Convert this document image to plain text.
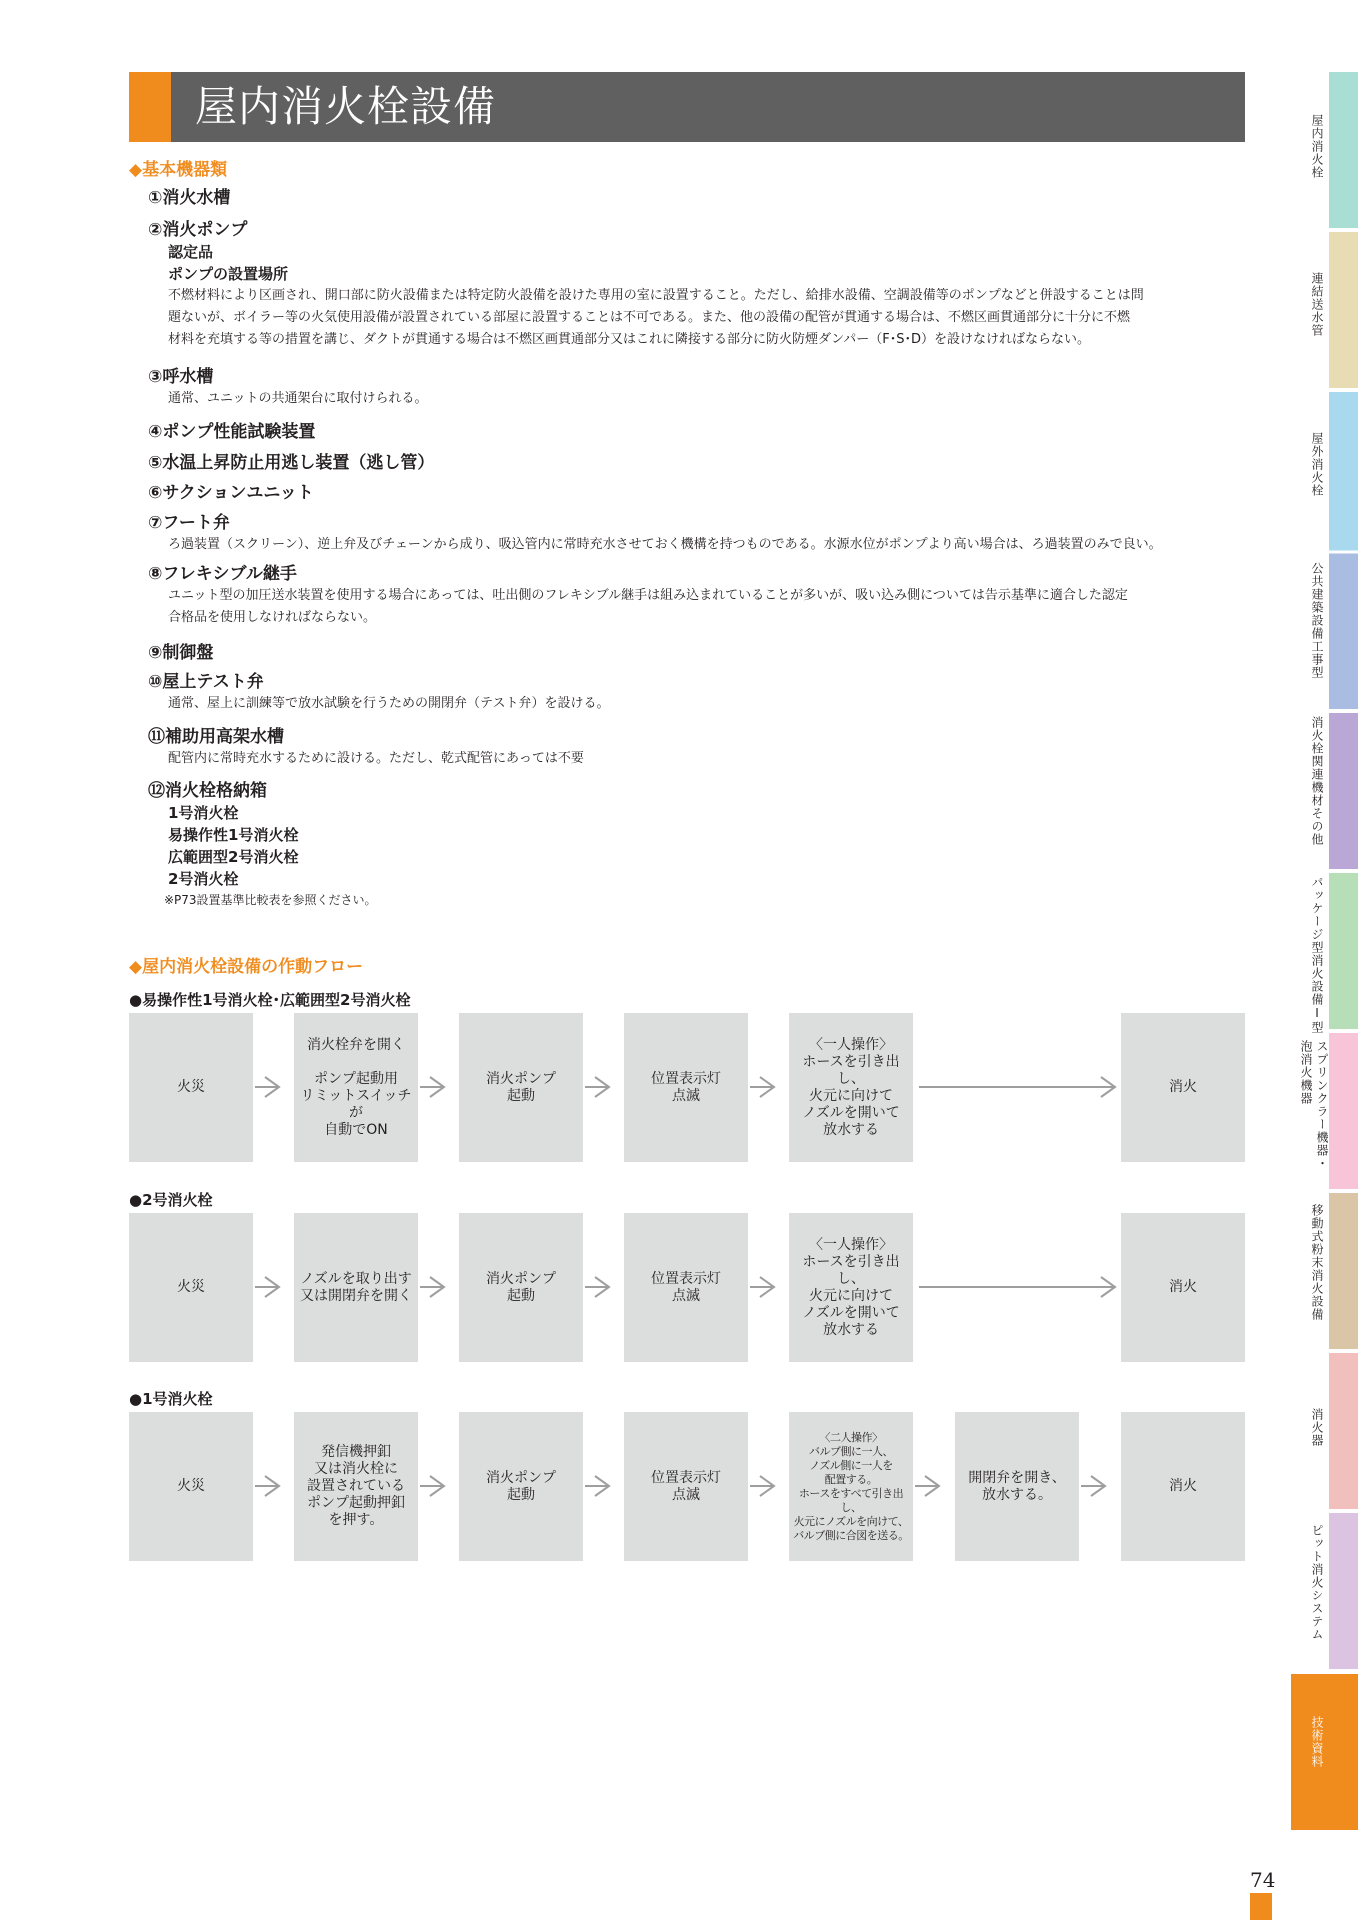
屋内消火栓設備
◆基本機器類
①消火水槽
②消火ポンプ
認定品
ポンプの設置場所
不燃材料により区画され、開口部に防火設備または特定防火設備を設けた専用の室に設置すること。ただし、給排水設備、空調設備等のポンプなどと併設することは問
題ないが、ボイラー等の火気使用設備が設置されている部屋に設置することは不可である。また、他の設備の配管が貫通する場合は、不燃区画貫通部分に十分に不燃
材料を充填する等の措置を講じ、ダクトが貫通する場合は不燃区画貫通部分又はこれに隣接する部分に防火防煙ダンパー（F･S･D）を設けなければならない。
③呼水槽
通常、ユニットの共通架台に取付けられる。
④ポンプ性能試験装置
⑤水温上昇防止用逃し装置（逃し管）
⑥サクションユニット
⑦フート弁
ろ過装置（スクリーン）、逆上弁及びチェーンから成り、吸込管内に常時充水させておく機構を持つものである。水源水位がポンプより高い場合は、ろ過装置のみで良い。
⑧フレキシブル継手
ユニット型の加圧送水装置を使用する場合にあっては、吐出側のフレキシブル継手は組み込まれていることが多いが、吸い込み側については告示基準に適合した認定
合格品を使用しなければならない。
⑨制御盤
⑩屋上テスト弁
通常、屋上に訓練等で放水試験を行うための開閉弁（テスト弁）を設ける。
⑪補助用高架水槽
配管内に常時充水するために設ける。ただし、乾式配管にあっては不要
⑫消火栓格納箱
1号消火栓
易操作性1号消火栓
広範囲型2号消火栓
2号消火栓
※P73設置基準比較表を参照ください。
◆屋内消火栓設備の作動フロー
●易操作性1号消火栓･広範囲型2号消火栓
火災
消火栓弁を開く

ポンプ起動用
リミットスイッチが
自動でON
消火ポンプ
起動
位置表示灯
点滅
〈一人操作〉
ホースを引き出し、
火元に向けて
ノズルを開いて
放水する
消火
●2号消火栓
火災
ノズルを取り出す
又は開閉弁を開く
消火ポンプ
起動
位置表示灯
点滅
〈一人操作〉
ホースを引き出し、
火元に向けて
ノズルを開いて
放水する
消火
●1号消火栓
火災
発信機押釦
又は消火栓に
設置されている
ポンプ起動押釦
を押す。
消火ポンプ
起動
位置表示灯
点滅
〈二人操作〉
バルブ側に一人、
ノズル側に一人を
配置する。
ホースをすべて引き出し、
火元にノズルを向けて、
バルブ側に合図を送る。
開閉弁を開き、
放水する。
消火
屋内消火栓
連結送水管
屋外消火栓
公共建築設備工事型
消火栓関連機材その他
パッケージ型消火設備Ⅰ型
スプリンクラー機器・
泡消火機器
移動式粉末消火設備
消火器
ピット消火システム
技術資料
74
